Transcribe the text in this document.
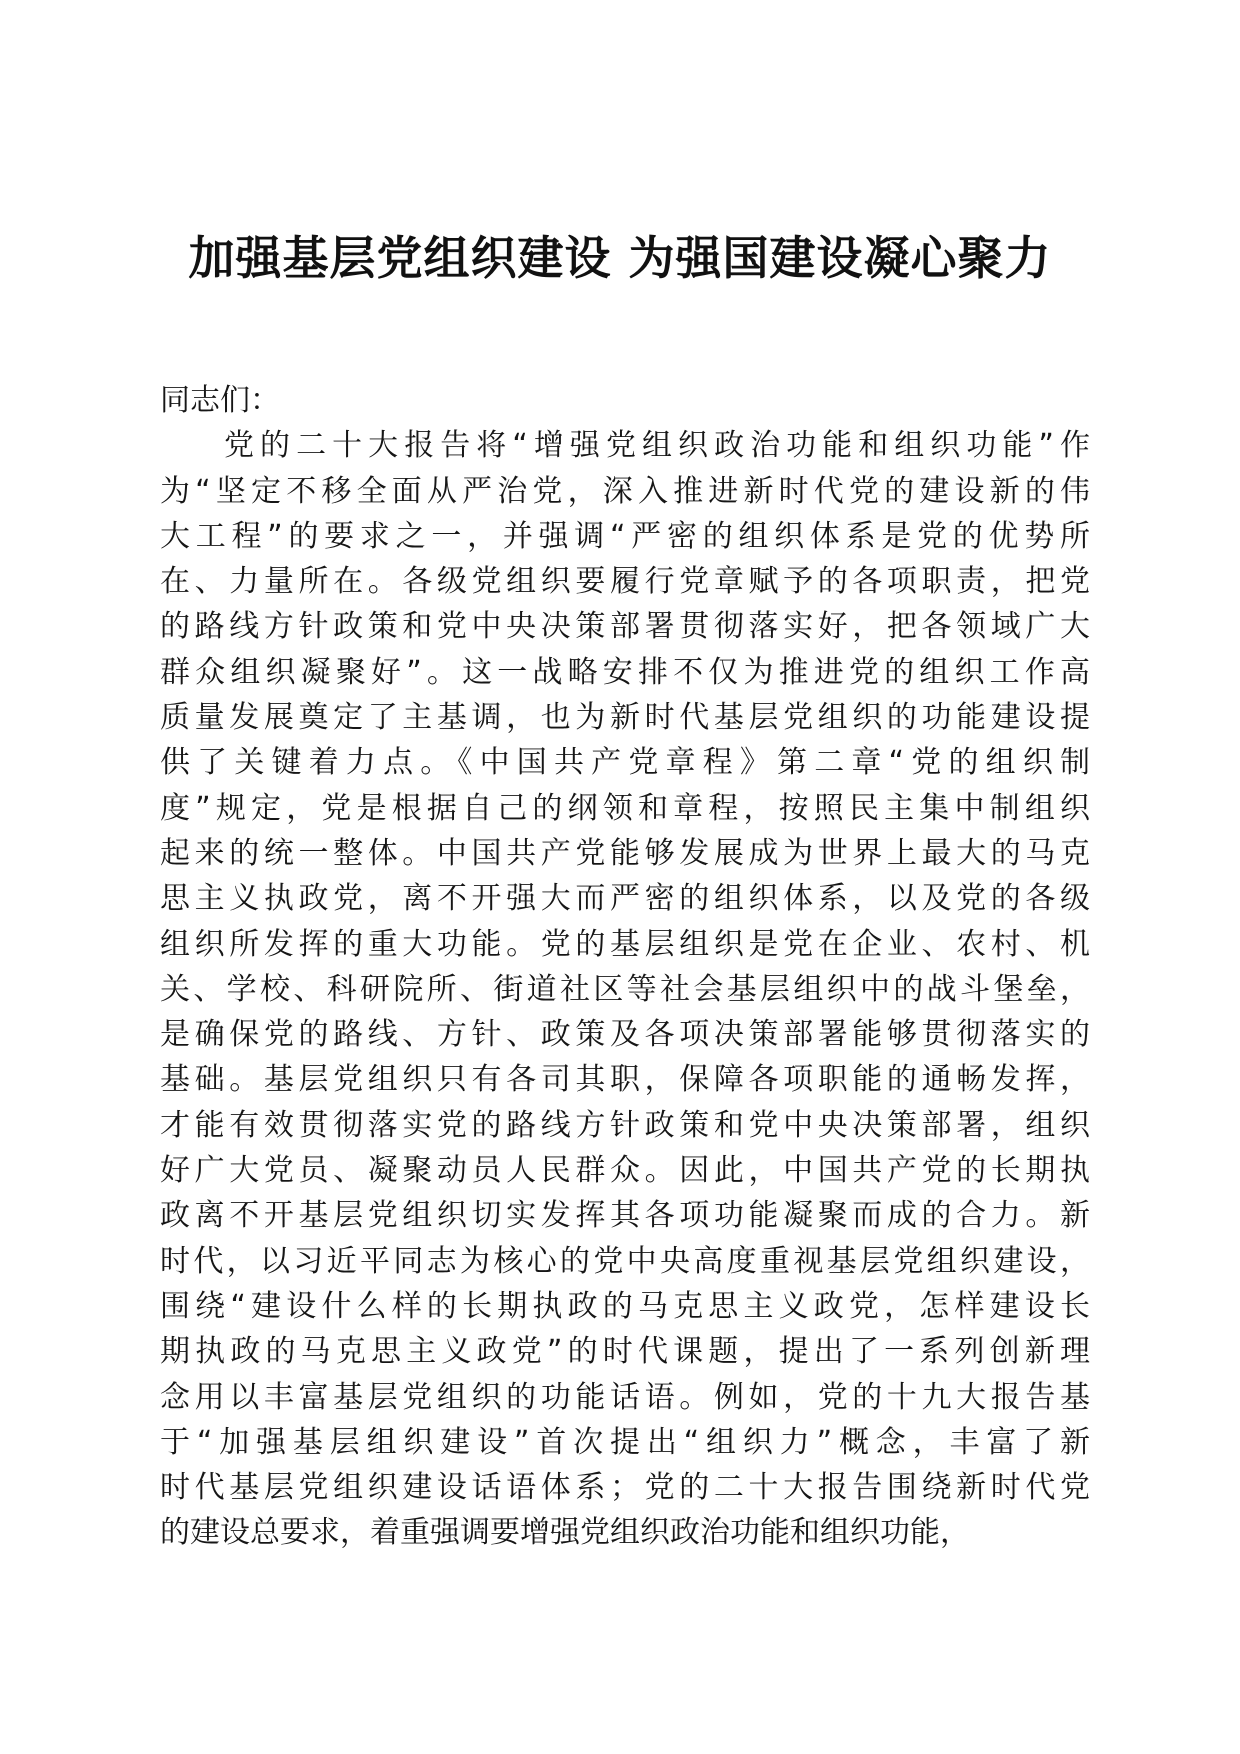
加强基层党组织建设 为强国建设凝心聚力
同志们：
党的二十大报告将“增强党组织政治功能和组织功能”作
为“坚定不移全面从严治党，深入推进新时代党的建设新的伟
大工程”的要求之一，并强调“严密的组织体系是党的优势所
在、力量所在。各级党组织要履行党章赋予的各项职责，把党
的路线方针政策和党中央决策部署贯彻落实好，把各领域广大
群众组织凝聚好”。这一战略安排不仅为推进党的组织工作高
质量发展奠定了主基调，也为新时代基层党组织的功能建设提
供了关键着力点。《中国共产党章程》第二章“党的组织制
度”规定，党是根据自己的纲领和章程，按照民主集中制组织
起来的统一整体。中国共产党能够发展成为世界上最大的马克
思主义执政党，离不开强大而严密的组织体系，以及党的各级
组织所发挥的重大功能。党的基层组织是党在企业、农村、机
关、学校、科研院所、街道社区等社会基层组织中的战斗堡垒，
是确保党的路线、方针、政策及各项决策部署能够贯彻落实的
基础。基层党组织只有各司其职，保障各项职能的通畅发挥，
才能有效贯彻落实党的路线方针政策和党中央决策部署，组织
好广大党员、凝聚动员人民群众。因此，中国共产党的长期执
政离不开基层党组织切实发挥其各项功能凝聚而成的合力。新
时代，以习近平同志为核心的党中央高度重视基层党组织建设，
围绕“建设什么样的长期执政的马克思主义政党，怎样建设长
期执政的马克思主义政党”的时代课题，提出了一系列创新理
念用以丰富基层党组织的功能话语。例如，党的十九大报告基
于“加强基层组织建设”首次提出“组织力”概念，丰富了新
时代基层党组织建设话语体系；党的二十大报告围绕新时代党
的建设总要求，着重强调要增强党组织政治功能和组织功能，
